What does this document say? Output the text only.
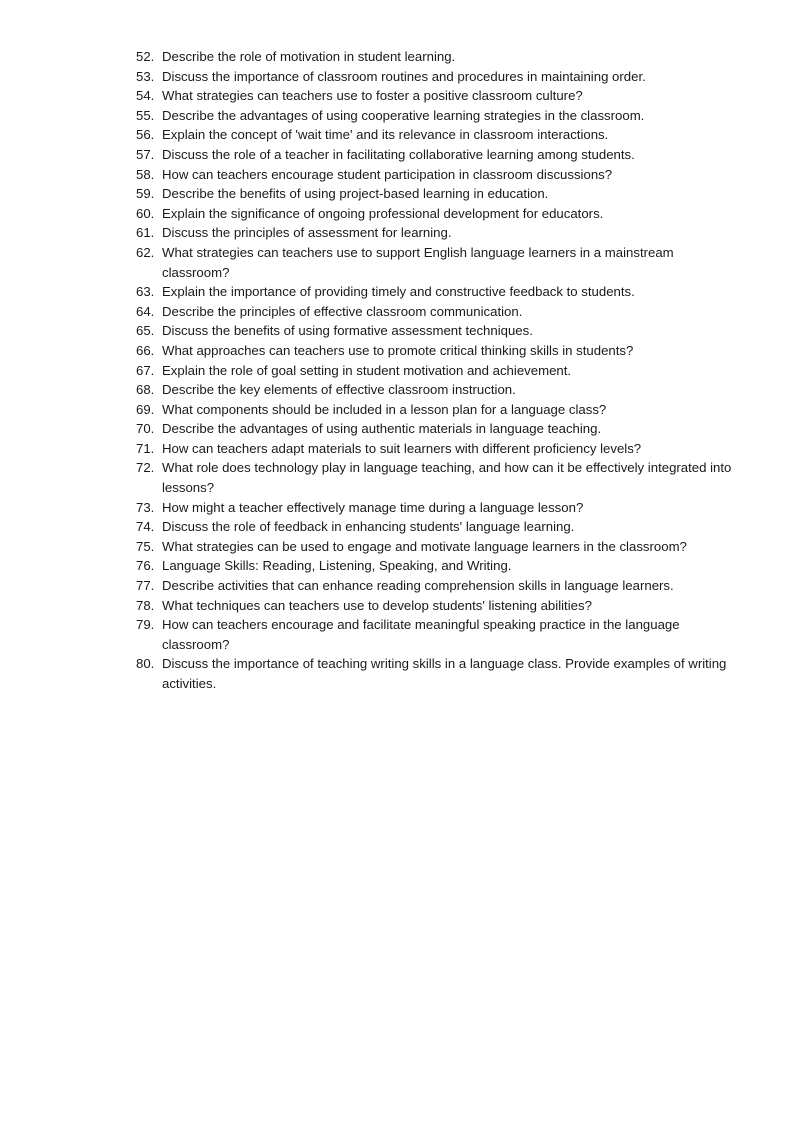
52. Describe the role of motivation in student learning.
53. Discuss the importance of classroom routines and procedures in maintaining order.
54. What strategies can teachers use to foster a positive classroom culture?
55. Describe the advantages of using cooperative learning strategies in the classroom.
56. Explain the concept of 'wait time' and its relevance in classroom interactions.
57. Discuss the role of a teacher in facilitating collaborative learning among students.
58. How can teachers encourage student participation in classroom discussions?
59. Describe the benefits of using project-based learning in education.
60. Explain the significance of ongoing professional development for educators.
61. Discuss the principles of assessment for learning.
62. What strategies can teachers use to support English language learners in a mainstream classroom?
63. Explain the importance of providing timely and constructive feedback to students.
64. Describe the principles of effective classroom communication.
65. Discuss the benefits of using formative assessment techniques.
66. What approaches can teachers use to promote critical thinking skills in students?
67. Explain the role of goal setting in student motivation and achievement.
68. Describe the key elements of effective classroom instruction.
69. What components should be included in a lesson plan for a language class?
70. Describe the advantages of using authentic materials in language teaching.
71. How can teachers adapt materials to suit learners with different proficiency levels?
72. What role does technology play in language teaching, and how can it be effectively integrated into lessons?
73. How might a teacher effectively manage time during a language lesson?
74. Discuss the role of feedback in enhancing students' language learning.
75. What strategies can be used to engage and motivate language learners in the classroom?
76. Language Skills: Reading, Listening, Speaking, and Writing.
77. Describe activities that can enhance reading comprehension skills in language learners.
78. What techniques can teachers use to develop students' listening abilities?
79. How can teachers encourage and facilitate meaningful speaking practice in the language classroom?
80. Discuss the importance of teaching writing skills in a language class. Provide examples of writing activities.
